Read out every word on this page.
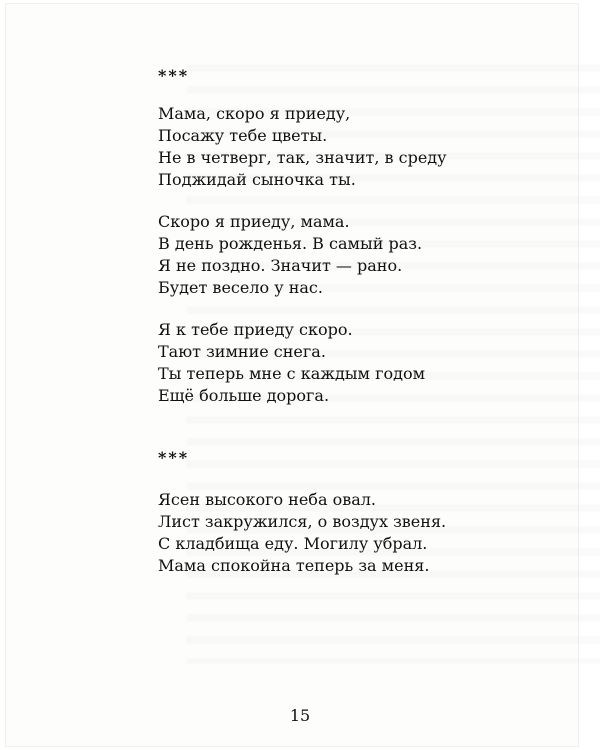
***
Мама, скоро я приеду,
Посажу тебе цветы.
Не в четверг, так, значит, в среду
Поджидай сыночка ты.
Скоро я приеду, мама.
В день рожденья. В самый раз.
Я не поздно. Значит — рано.
Будет весело у нас.
Я к тебе приеду скоро.
Тают зимние снега.
Ты теперь мне с каждым годом
Ещё больше дорога.
***
Ясен высокого неба овал.
Лист закружился, о воздух звеня.
С кладбища еду. Могилу убрал.
Мама спокойна теперь за меня.
15
